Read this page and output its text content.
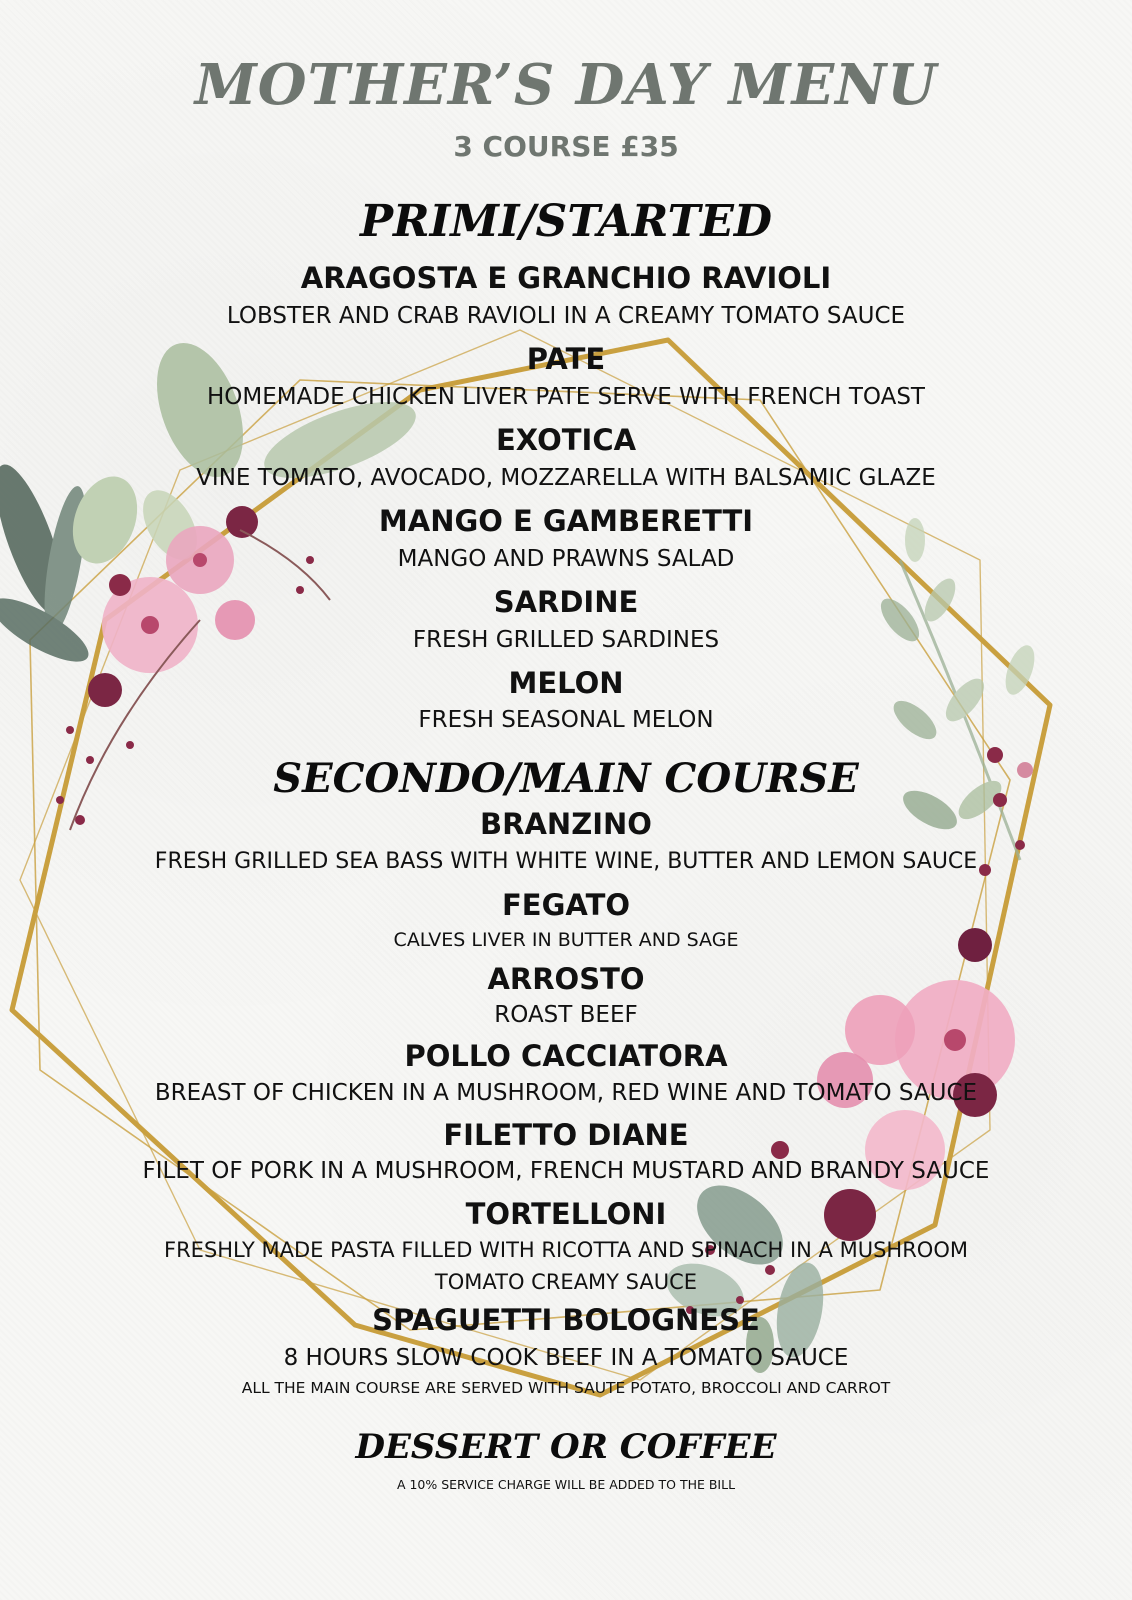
MOTHER’S DAY MENU
3 COURSE £35
PRIMI/STARTED
ARAGOSTA E GRANCHIO RAVIOLI
LOBSTER AND CRAB RAVIOLI IN A CREAMY TOMATO SAUCE
PATE
HOMEMADE CHICKEN LIVER PATE SERVE WITH FRENCH TOAST
EXOTICA
VINE TOMATO, AVOCADO, MOZZARELLA WITH BALSAMIC GLAZE
MANGO E GAMBERETTI
MANGO AND PRAWNS SALAD
SARDINE
FRESH GRILLED SARDINES
MELON
FRESH SEASONAL MELON
SECONDO/MAIN COURSE
BRANZINO
FRESH GRILLED SEA BASS WITH WHITE WINE, BUTTER AND LEMON SAUCE
FEGATO
CALVES LIVER IN BUTTER AND SAGE
ARROSTO
ROAST BEEF
POLLO CACCIATORA
BREAST OF CHICKEN IN A MUSHROOM, RED WINE AND TOMATO SAUCE
FILETTO DIANE
FILET OF PORK IN A MUSHROOM, FRENCH MUSTARD AND BRANDY SAUCE
TORTELLONI
FRESHLY MADE PASTA FILLED WITH RICOTTA AND SPINACH IN A MUSHROOM
TOMATO CREAMY SAUCE
SPAGUETTI BOLOGNESE
8 HOURS SLOW COOK BEEF IN A TOMATO SAUCE
ALL THE MAIN COURSE ARE SERVED WITH SAUTE POTATO, BROCCOLI AND CARROT
DESSERT OR COFFEE
A 10% SERVICE CHARGE WILL BE ADDED TO THE BILL
